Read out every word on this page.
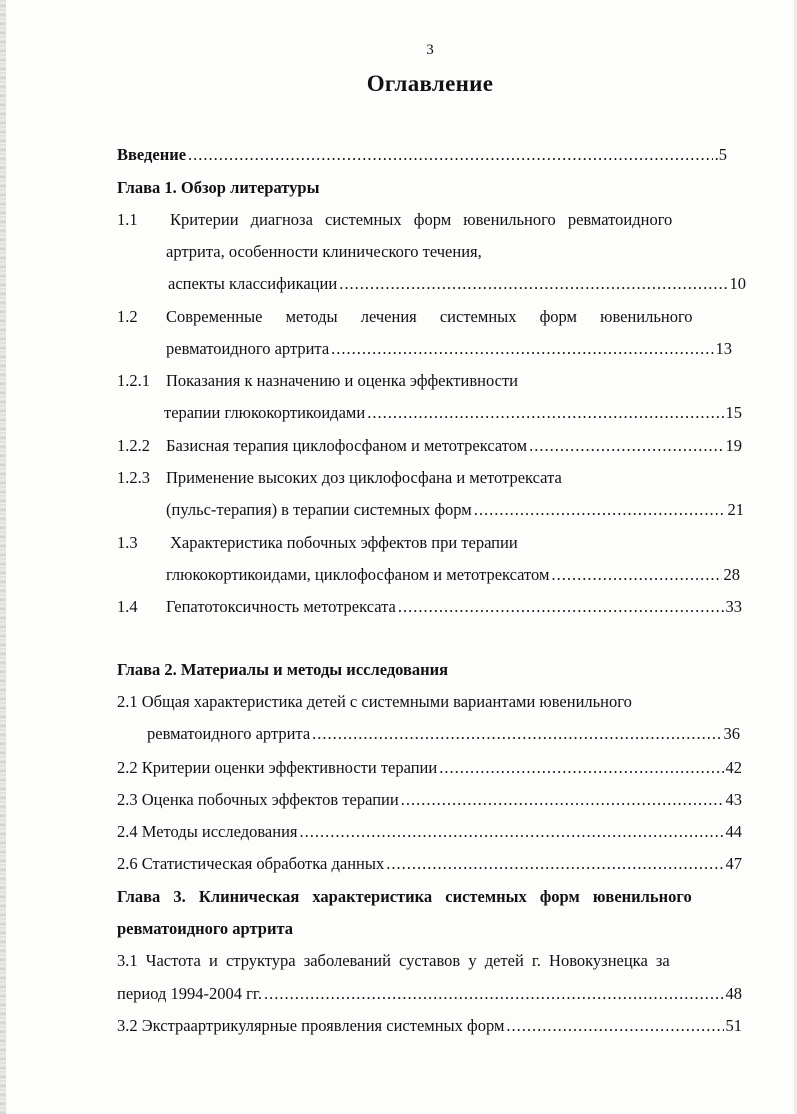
3
Оглавление
Введение .....	.5
Глава 1. Обзор литературы
1.1 Критерии диагноза системных форм ювенильного ревматоидного
артрита, особенности клинического течения,
аспекты классификации .....	10
1.2 Современные методы лечения системных форм ювенильного
ревматоидного артрита .....	13
1.2.1 Показания к назначению и оценка эффективности
терапии глюкокортикоидами .....	15
1.2.2 Базисная терапия циклофосфаном и метотрексатом .....	19
1.2.3 Применение высоких доз циклофосфана и метотрексата
(пульс-терапия) в терапии системных форм .....	21
1.3 Характеристика побочных эффектов при терапии
глюкокортикоидами, циклофосфаном и метотрексатом .....	28
1.4 Гепатотоксичность метотрексата .....	33
Глава 2. Материалы и методы исследования
2.1 Общая характеристика детей с системными вариантами ювенильного
ревматоидного артрита .....	36
2.2 Критерии оценки эффективности терапии .....	42
2.3 Оценка побочных эффектов терапии .....	43
2.4 Методы исследования .....	44
2.6 Статистическая обработка данных .....	47
Глава 3. Клиническая характеристика системных форм ювенильного
ревматоидного артрита
3.1 Частота и структура заболеваний суставов у детей г. Новокузнецка за
период 1994-2004 гг. .....	48
3.2 Экстраартрикулярные проявления системных форм .....	51
